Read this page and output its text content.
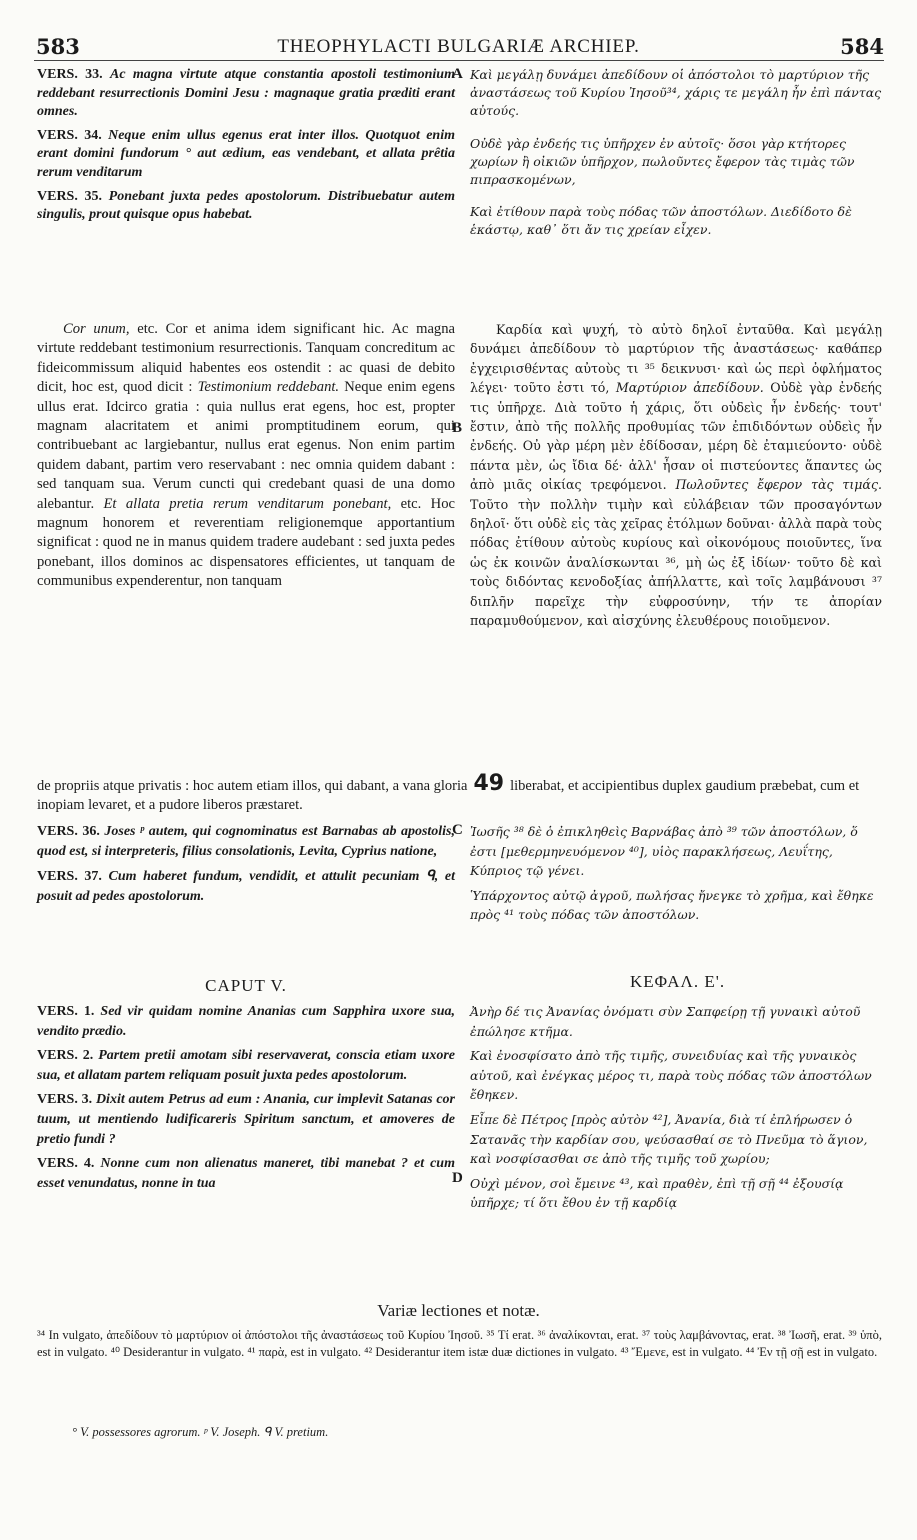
583	THEOPHYLACTI BULGARIÆ ARCHIEP.	584
A

VERS. 33. Ac magna virtute atque constantia apostoli testimonium reddebant resurrectionis Domini Jesu : magnaque gratia præditi erant omnes.

VERS. 34. Neque enim ullus egenus erat inter illos. Quotquot enim erant domini fundorum ° aut ædium, eas vendebant, et allata prêtia rerum venditarum

VERS. 35. Ponebant juxta pedes apostolorum. Distribuebatur autem singulis, prout quisque opus habebat.

Καὶ μεγάλῃ δυνάμει ἀπεδίδουν οἱ ἀπόστολοι τὸ μαρτύριον τῆς ἀναστάσεως τοῦ Κυρίου Ἰησοῦ³⁴, χάρις τε μεγάλη ἦν ἐπὶ πάντας αὐτούς.

Οὐδὲ γὰρ ἐνδεής τις ὑπῆρχεν ἐν αὐτοῖς· ὅσοι γὰρ κτήτορες χωρίων ἢ οἰκιῶν ὑπῆρχον, πωλοῦντες ἔφερον τὰς τιμὰς τῶν πιπρασκομένων,

Καὶ ἐτίθουν παρὰ τοὺς πόδας τῶν ἀποστόλων. Διεδίδοτο δὲ ἑκάστῳ, καθ᾽ ὅτι ἄν τις χρείαν εἶχεν.

B

Cor unum, etc. Cor et anima idem significant hic. Ac magna virtute reddebant testimonium resurrectionis. Tanquam concreditum ac fideicommissum aliquid habentes eos ostendit : ac quasi de debito dicit, hoc est, quod dicit : Testimonium reddebant. Neque enim egens ullus erat. Idcirco gratia : quia nullus erat egens, hoc est, propter magnam alacritatem et animi promptitudinem eorum, qui contribuebant ac largiebantur, nullus erat egenus. Non enim partim quidem dabant, partim vero reservabant : nec omnia quidem dabant : sed tanquam sua. Verum cuncti qui credebant quasi de una domo alebantur. Et allata pretia rerum venditarum ponebant, etc. Hoc magnum honorem et reverentiam religionemque apportantium significat : quod ne in manus quidem tradere audebant : sed juxta pedes ponebant, illos dominos ac dispensatores efficientes, ut tanquam de communibus expenderentur, non tanquam

Καρδία καὶ ψυχή, τὸ αὐτὸ δηλοῖ ἐνταῦθα. Καὶ μεγάλῃ δυνάμει ἀπεδίδουν τὸ μαρτύριον τῆς ἀναστάσεως· καθάπερ ἐγχειρισθέντας αὐτοὺς τι ³⁵ δεικνυσι· καὶ ὡς περὶ ὀφλήματος λέγει· τοῦτο ἐστι τό, Μαρτύριον ἀπεδίδουν. Οὐδὲ γὰρ ἐνδεής τις ὑπῆρχε. Διὰ τοῦτο ἡ χάρις, ὅτι οὐδεὶς ἦν ἐνδεής· τουτ' ἔστιν, ἀπὸ τῆς πολλῆς προθυμίας τῶν ἐπιδιδόντων οὐδεὶς ἦν ἐνδεής. Οὐ γὰρ μέρη μὲν ἐδίδοσαν, μέρη δὲ ἐταμιεύοντο· οὐδὲ πάντα μὲν, ὡς ἴδια δέ· ἀλλ' ἦσαν οἱ πιστεύοντες ἅπαντες ὡς ἀπὸ μιᾶς οἰκίας τρεφόμενοι. Πωλοῦντες ἔφερον τὰς τιμάς. Τοῦτο τὴν πολλὴν τιμὴν καὶ εὐλάβειαν τῶν προσαγόντων δηλοῖ· ὅτι οὐδὲ εἰς τὰς χεῖρας ἐτόλμων δοῦναι· ἀλλὰ παρὰ τοὺς πόδας ἐτίθουν αὐτοὺς κυρίους καὶ οἰκονόμους ποιοῦντες, ἵνα ὡς ἐκ κοινῶν ἀναλίσκωνται ³⁶, μὴ ὡς ἐξ ἰδίων· τοῦτο δὲ καὶ τοὺς διδόντας κενοδοξίας ἀπήλλαττε, καὶ τοῖς λαμβάνουσι ³⁷ διπλῆν παρεῖχε τὴν εὐφροσύνην, τήν τε ἀπορίαν παραμυθούμενον, καὶ αἰσχύνης ἐλευθέρους ποιοῦμενον.

de propriis atque privatis : hoc autem etiam illos, qui dabant, a vana gloria 49 liberabat, et accipientibus duplex gaudium præbebat, cum et inopiam levaret, et a pudore liberos præstaret.
C

VERS. 36. Joses ᵖ autem, qui cognominatus est Barnabas ab apostolis, quod est, si interpreteris, filius consolationis, Levita, Cyprius natione,

VERS. 37. Cum haberet fundum, vendidit, et attulit pecuniam ᑫ, et posuit ad pedes apostolorum.

Ἰωσῆς ³⁸ δὲ ὁ ἐπικληθεὶς Βαρνάβας ἀπὸ ³⁹ τῶν ἀποστόλων, ὅ ἐστι [μεθερμηνευόμενον ⁴⁰], υἱὸς παρακλήσεως, Λευΐτης, Κύπριος τῷ γένει.

Ὑπάρχοντος αὐτῷ ἀγροῦ, πωλήσας ἤνεγκε τὸ χρῆμα, καὶ ἔθηκε πρὸς ⁴¹ τοὺς πόδας τῶν ἀποστόλων.

CAPUT V.	ΚΕΦΑΛ. Ε'.
D

VERS. 1. Sed vir quidam nomine Ananias cum Sapphira uxore sua, vendito prædio.

VERS. 2. Partem pretii amotam sibi reservaverat, conscia etiam uxore sua, et allatam partem reliquam posuit juxta pedes apostolorum.

VERS. 3. Dixit autem Petrus ad eum : Anania, cur implevit Satanas cor tuum, ut mentiendo ludificareris Spiritum sanctum, et amoveres de pretio fundi ?

VERS. 4. Nonne cum non alienatus maneret, tibi manebat ? et cum esset venundatus, nonne in tua

Ἀνὴρ δέ τις Ἀνανίας ὀνόματι σὺν Σαπφείρῃ τῇ γυναικὶ αὐτοῦ ἐπώλησε κτῆμα.

Καὶ ἐνοσφίσατο ἀπὸ τῆς τιμῆς, συνειδυίας καὶ τῆς γυναικὸς αὐτοῦ, καὶ ἐνέγκας μέρος τι, παρὰ τοὺς πόδας τῶν ἀποστόλων ἔθηκεν.

Εἶπε δὲ Πέτρος [πρὸς αὐτὸν ⁴²], Ἀνανία, διὰ τί ἐπλήρωσεν ὁ Σατανᾶς τὴν καρδίαν σου, ψεύσασθαί σε τὸ Πνεῦμα τὸ ἅγιον, καὶ νοσφίσασθαι σε ἀπὸ τῆς τιμῆς τοῦ χωρίου;

Οὐχὶ μένον, σοὶ ἔμεινε ⁴³, καὶ πραθὲν, ἐπὶ τῇ σῇ ⁴⁴ ἐξουσίᾳ ὑπῆρχε; τί ὅτι ἔθου ἐν τῇ καρδίᾳ

Variæ lectiones et notæ.
³⁴ In vulgato, ἀπεδίδουν τὸ μαρτύριον οἱ ἀπόστολοι τῆς ἀναστάσεως τοῦ Κυρίου Ἰησοῦ. ³⁵ Τί erat. ³⁶ ἀναλίκονται, erat. ³⁷ τοὺς λαμβάνοντας, erat. ³⁸ Ἰωσῆ, erat. ³⁹ ὑπὸ, est in vulgato. ⁴⁰ Desiderantur in vulgato. ⁴¹ παρὰ, est in vulgato. ⁴² Desiderantur item istæ duæ dictiones in vulgato. ⁴³ Ἔμενε, est in vulgato. ⁴⁴ Ἐν τῇ σῇ est in vulgato.
° V. possessores agrorum. ᵖ V. Joseph. ᑫ V. pretium.
